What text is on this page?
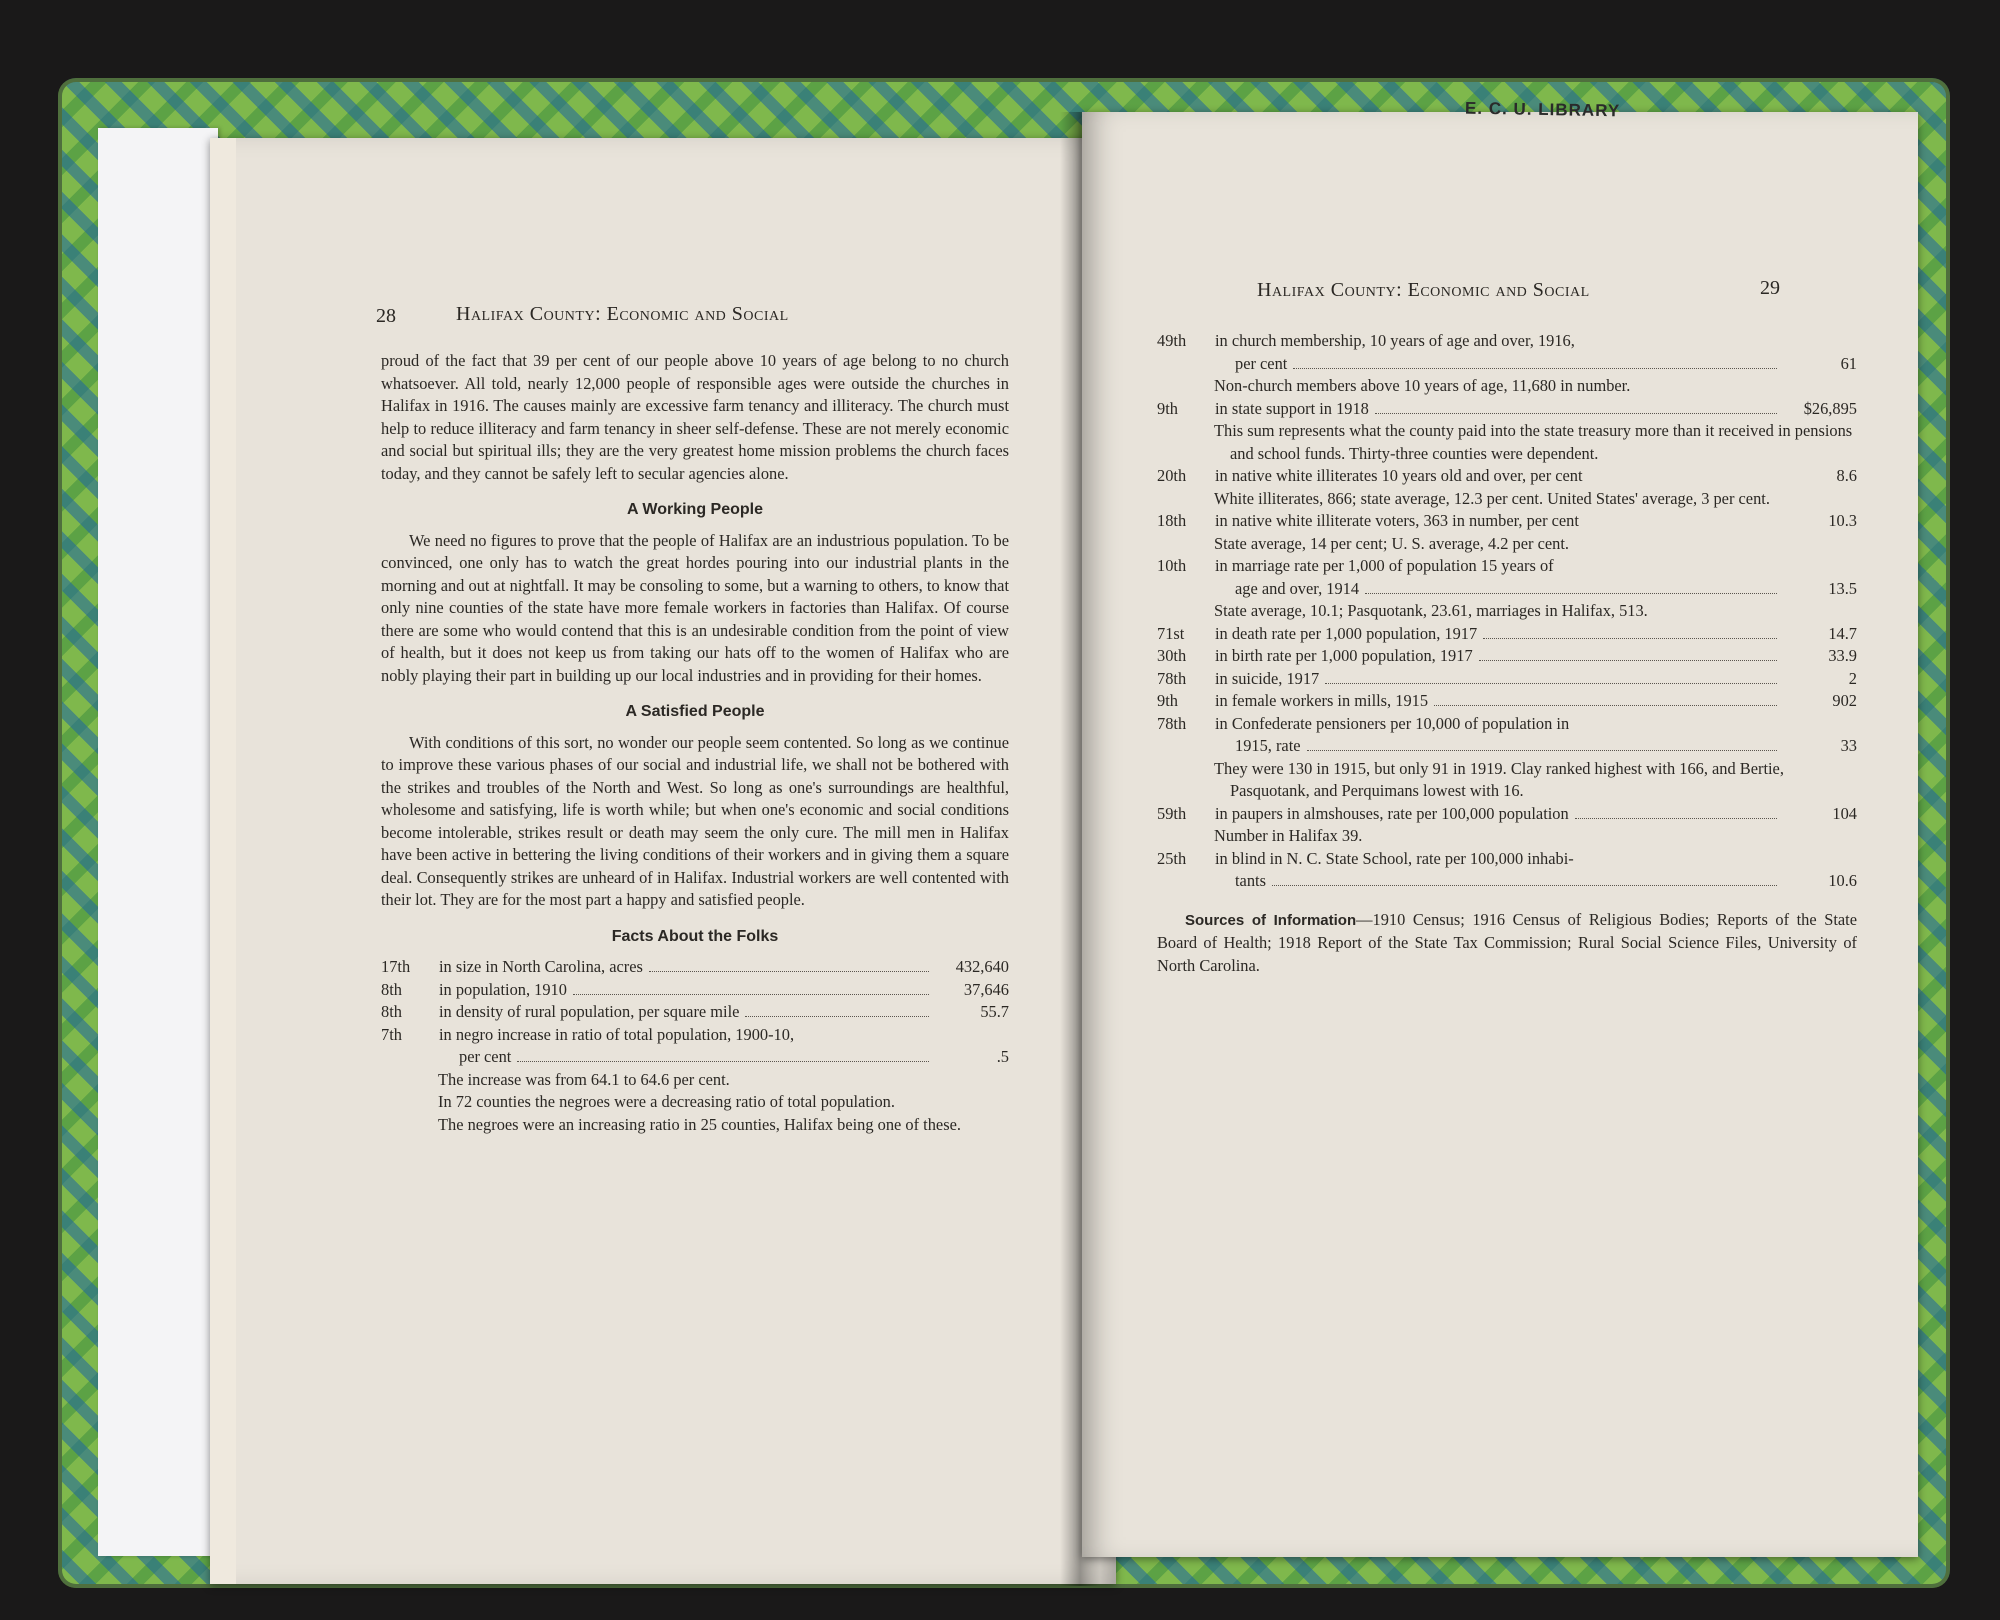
28	Halifax County: Economic and Social

proud of the fact that 39 per cent of our people above 10 years of age belong to no church whatsoever. All told, nearly 12,000 people of responsible ages were outside the churches in Halifax in 1916. The causes mainly are excessive farm tenancy and illiteracy. The church must help to reduce illiteracy and farm tenancy in sheer self-defense. These are not merely economic and social but spiritual ills; they are the very greatest home mission problems the church faces today, and they cannot be safely left to secular agencies alone.

A Working People

We need no figures to prove that the people of Halifax are an industrious population. To be convinced, one only has to watch the great hordes pouring into our industrial plants in the morning and out at nightfall. It may be consoling to some, but a warning to others, to know that only nine counties of the state have more female workers in factories than Halifax. Of course there are some who would contend that this is an undesirable condition from the point of view of health, but it does not keep us from taking our hats off to the women of Halifax who are nobly playing their part in building up our local industries and in providing for their homes.

A Satisfied People

With conditions of this sort, no wonder our people seem contented. So long as we continue to improve these various phases of our social and industrial life, we shall not be bothered with the strikes and troubles of the North and West. So long as one's surroundings are healthful, wholesome and satisfying, life is worth while; but when one's economic and social conditions become intolerable, strikes result or death may seem the only cure. The mill men in Halifax have been active in bettering the living conditions of their workers and in giving them a square deal. Consequently strikes are unheard of in Halifax. Industrial workers are well contented with their lot. They are for the most part a happy and satisfied people.

Facts About the Folks
17th	in size in North Carolina, acres	432,640
8th	in population, 1910	37,646
8th	in density of rural population, per square mile	55.7
7th	in negro increase in ratio of total population, 1900-10,
per cent	.5

The increase was from 64.1 to 64.6 per cent.

In 72 counties the negroes were a decreasing ratio of total population.

The negroes were an increasing ratio in 25 counties, Halifax being one of these.

Halifax County: Economic and Social	29
49th	in church membership, 10 years of age and over, 1916,
per cent	61

Non-church members above 10 years of age, 11,680 in number.

9th	in state support in 1918	$26,895

This sum represents what the county paid into the state treasury more than it received in pensions and school funds. Thirty-three counties were dependent.

20th	in native white illiterates 10 years old and over, per cent	8.6

White illiterates, 866; state average, 12.3 per cent. United States' average, 3 per cent.

18th	in native white illiterate voters, 363 in number, per cent	10.3

State average, 14 per cent; U. S. average, 4.2 per cent.

10th	in marriage rate per 1,000 of population 15 years of
age and over, 1914	13.5

State average, 10.1; Pasquotank, 23.61, marriages in Halifax, 513.

71st	in death rate per 1,000 population, 1917	14.7
30th	in birth rate per 1,000 population, 1917	33.9
78th	in suicide, 1917	2
9th	in female workers in mills, 1915	902
78th	in Confederate pensioners per 10,000 of population in
1915, rate	33

They were 130 in 1915, but only 91 in 1919. Clay ranked highest with 166, and Bertie, Pasquotank, and Perquimans lowest with 16.

59th	in paupers in almshouses, rate per 100,000 population	104

Number in Halifax 39.

25th	in blind in N. C. State School, rate per 100,000 inhabi-
tants	10.6

Sources of Information—1910 Census; 1916 Census of Religious Bodies; Reports of the State Board of Health; 1918 Report of the State Tax Commission; Rural Social Science Files, University of North Carolina.

E. C. U. LIBRARY
